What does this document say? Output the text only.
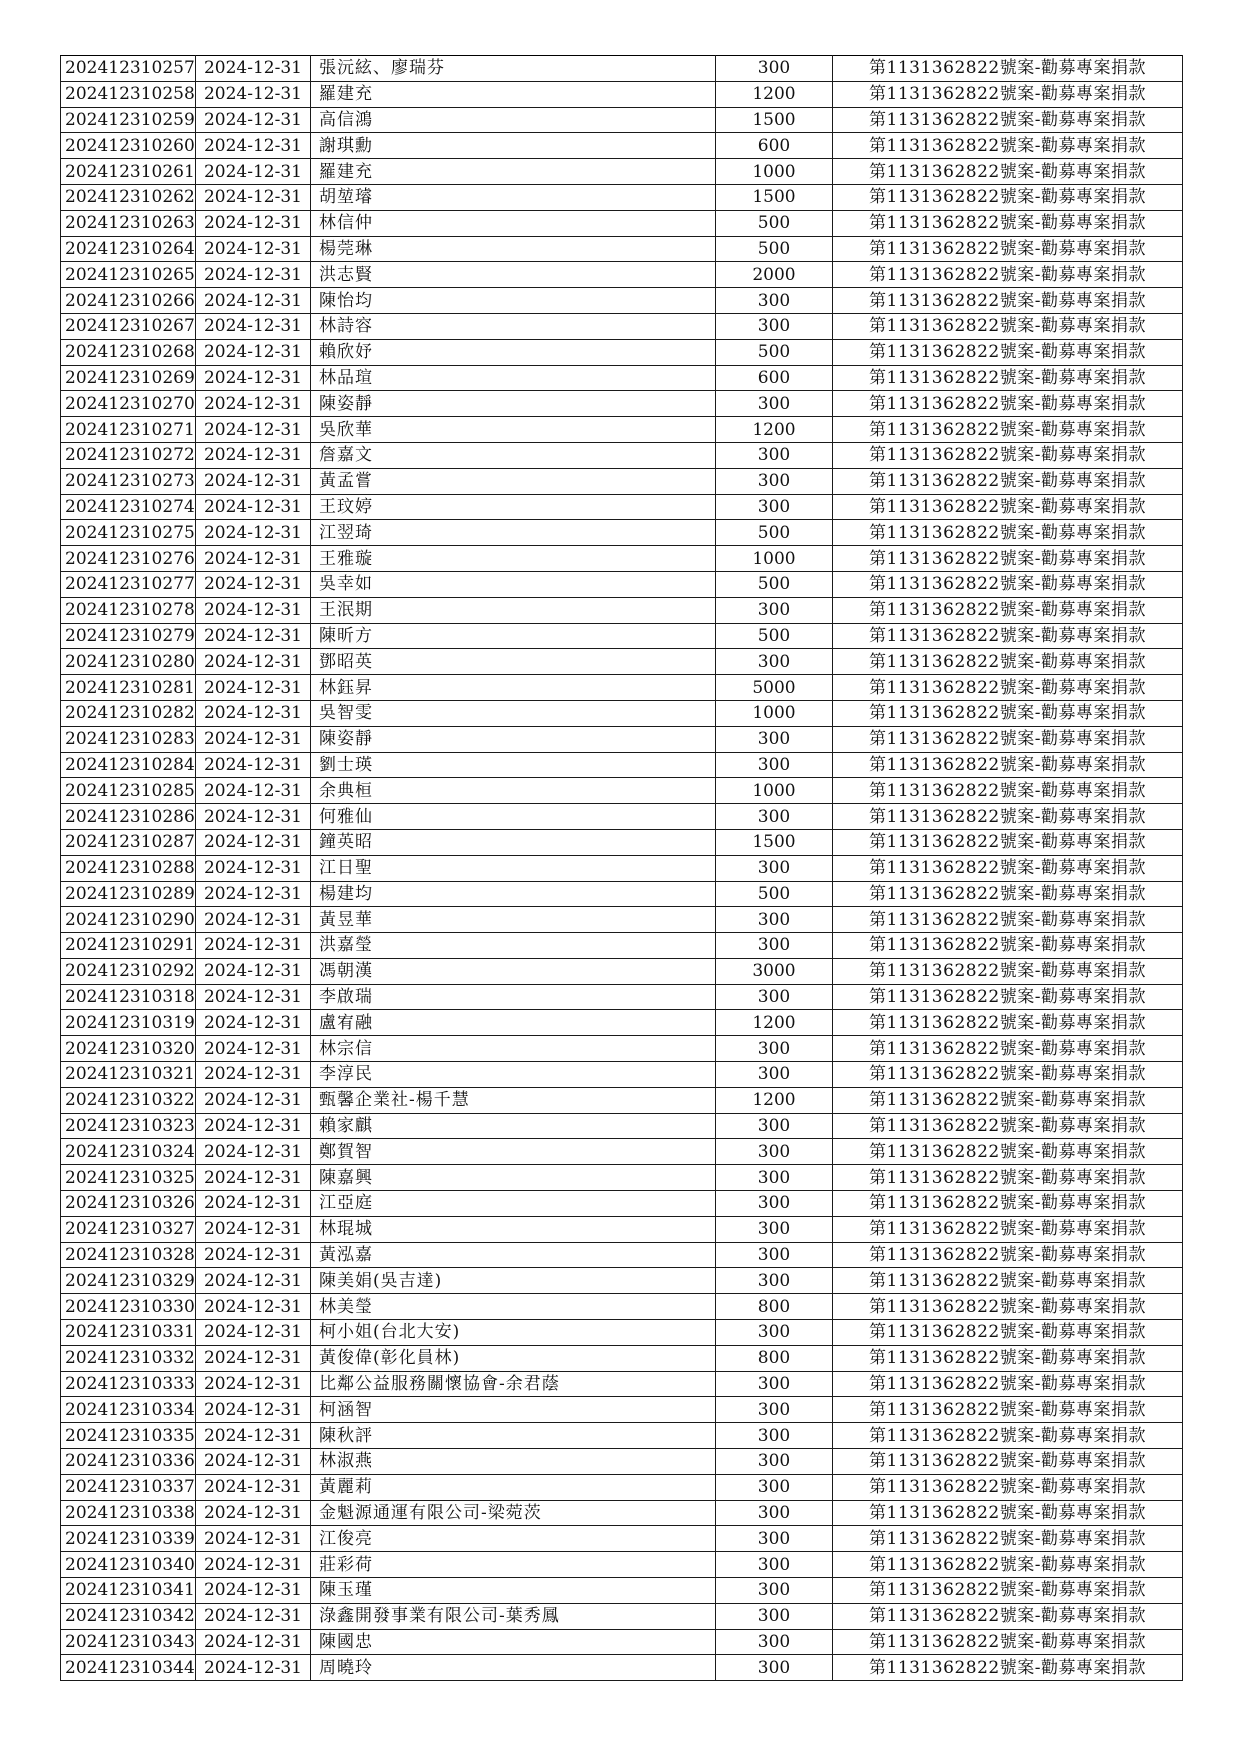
202412310257	2024-12-31	張沅絃、廖瑞芬	300	第1131362822號案-勸募專案捐款
202412310258	2024-12-31	羅建充	1200	第1131362822號案-勸募專案捐款
202412310259	2024-12-31	高信鴻	1500	第1131362822號案-勸募專案捐款
202412310260	2024-12-31	謝琪勳	600	第1131362822號案-勸募專案捐款
202412310261	2024-12-31	羅建充	1000	第1131362822號案-勸募專案捐款
202412310262	2024-12-31	胡堃璿	1500	第1131362822號案-勸募專案捐款
202412310263	2024-12-31	林信仲	500	第1131362822號案-勸募專案捐款
202412310264	2024-12-31	楊莞琳	500	第1131362822號案-勸募專案捐款
202412310265	2024-12-31	洪志賢	2000	第1131362822號案-勸募專案捐款
202412310266	2024-12-31	陳怡均	300	第1131362822號案-勸募專案捐款
202412310267	2024-12-31	林詩容	300	第1131362822號案-勸募專案捐款
202412310268	2024-12-31	賴欣妤	500	第1131362822號案-勸募專案捐款
202412310269	2024-12-31	林品瑄	600	第1131362822號案-勸募專案捐款
202412310270	2024-12-31	陳姿靜	300	第1131362822號案-勸募專案捐款
202412310271	2024-12-31	吳欣華	1200	第1131362822號案-勸募專案捐款
202412310272	2024-12-31	詹嘉文	300	第1131362822號案-勸募專案捐款
202412310273	2024-12-31	黃孟嘗	300	第1131362822號案-勸募專案捐款
202412310274	2024-12-31	王玟婷	300	第1131362822號案-勸募專案捐款
202412310275	2024-12-31	江翌琦	500	第1131362822號案-勸募專案捐款
202412310276	2024-12-31	王雅璇	1000	第1131362822號案-勸募專案捐款
202412310277	2024-12-31	吳幸如	500	第1131362822號案-勸募專案捐款
202412310278	2024-12-31	王泯期	300	第1131362822號案-勸募專案捐款
202412310279	2024-12-31	陳昕方	500	第1131362822號案-勸募專案捐款
202412310280	2024-12-31	鄧昭英	300	第1131362822號案-勸募專案捐款
202412310281	2024-12-31	林鈺昇	5000	第1131362822號案-勸募專案捐款
202412310282	2024-12-31	吳智雯	1000	第1131362822號案-勸募專案捐款
202412310283	2024-12-31	陳姿靜	300	第1131362822號案-勸募專案捐款
202412310284	2024-12-31	劉士瑛	300	第1131362822號案-勸募專案捐款
202412310285	2024-12-31	余典桓	1000	第1131362822號案-勸募專案捐款
202412310286	2024-12-31	何雅仙	300	第1131362822號案-勸募專案捐款
202412310287	2024-12-31	鐘英昭	1500	第1131362822號案-勸募專案捐款
202412310288	2024-12-31	江日聖	300	第1131362822號案-勸募專案捐款
202412310289	2024-12-31	楊建均	500	第1131362822號案-勸募專案捐款
202412310290	2024-12-31	黃昱華	300	第1131362822號案-勸募專案捐款
202412310291	2024-12-31	洪嘉瑩	300	第1131362822號案-勸募專案捐款
202412310292	2024-12-31	馮朝漢	3000	第1131362822號案-勸募專案捐款
202412310318	2024-12-31	李啟瑞	300	第1131362822號案-勸募專案捐款
202412310319	2024-12-31	盧宥融	1200	第1131362822號案-勸募專案捐款
202412310320	2024-12-31	林宗信	300	第1131362822號案-勸募專案捐款
202412310321	2024-12-31	李淳民	300	第1131362822號案-勸募專案捐款
202412310322	2024-12-31	甄馨企業社-楊千慧	1200	第1131362822號案-勸募專案捐款
202412310323	2024-12-31	賴家麒	300	第1131362822號案-勸募專案捐款
202412310324	2024-12-31	鄭賀智	300	第1131362822號案-勸募專案捐款
202412310325	2024-12-31	陳嘉興	300	第1131362822號案-勸募專案捐款
202412310326	2024-12-31	江亞庭	300	第1131362822號案-勸募專案捐款
202412310327	2024-12-31	林琨城	300	第1131362822號案-勸募專案捐款
202412310328	2024-12-31	黃泓嘉	300	第1131362822號案-勸募專案捐款
202412310329	2024-12-31	陳美娟(吳吉達)	300	第1131362822號案-勸募專案捐款
202412310330	2024-12-31	林美瑩	800	第1131362822號案-勸募專案捐款
202412310331	2024-12-31	柯小姐(台北大安)	300	第1131362822號案-勸募專案捐款
202412310332	2024-12-31	黃俊偉(彰化員林)	800	第1131362822號案-勸募專案捐款
202412310333	2024-12-31	比鄰公益服務關懷協會-余君蔭	300	第1131362822號案-勸募專案捐款
202412310334	2024-12-31	柯涵智	300	第1131362822號案-勸募專案捐款
202412310335	2024-12-31	陳秋評	300	第1131362822號案-勸募專案捐款
202412310336	2024-12-31	林淑燕	300	第1131362822號案-勸募專案捐款
202412310337	2024-12-31	黃麗莉	300	第1131362822號案-勸募專案捐款
202412310338	2024-12-31	金魁源通運有限公司-梁菀茨	300	第1131362822號案-勸募專案捐款
202412310339	2024-12-31	江俊亮	300	第1131362822號案-勸募專案捐款
202412310340	2024-12-31	莊彩荷	300	第1131362822號案-勸募專案捐款
202412310341	2024-12-31	陳玉瑾	300	第1131362822號案-勸募專案捐款
202412310342	2024-12-31	淥鑫開發事業有限公司-葉秀鳳	300	第1131362822號案-勸募專案捐款
202412310343	2024-12-31	陳國忠	300	第1131362822號案-勸募專案捐款
202412310344	2024-12-31	周曉玲	300	第1131362822號案-勸募專案捐款
